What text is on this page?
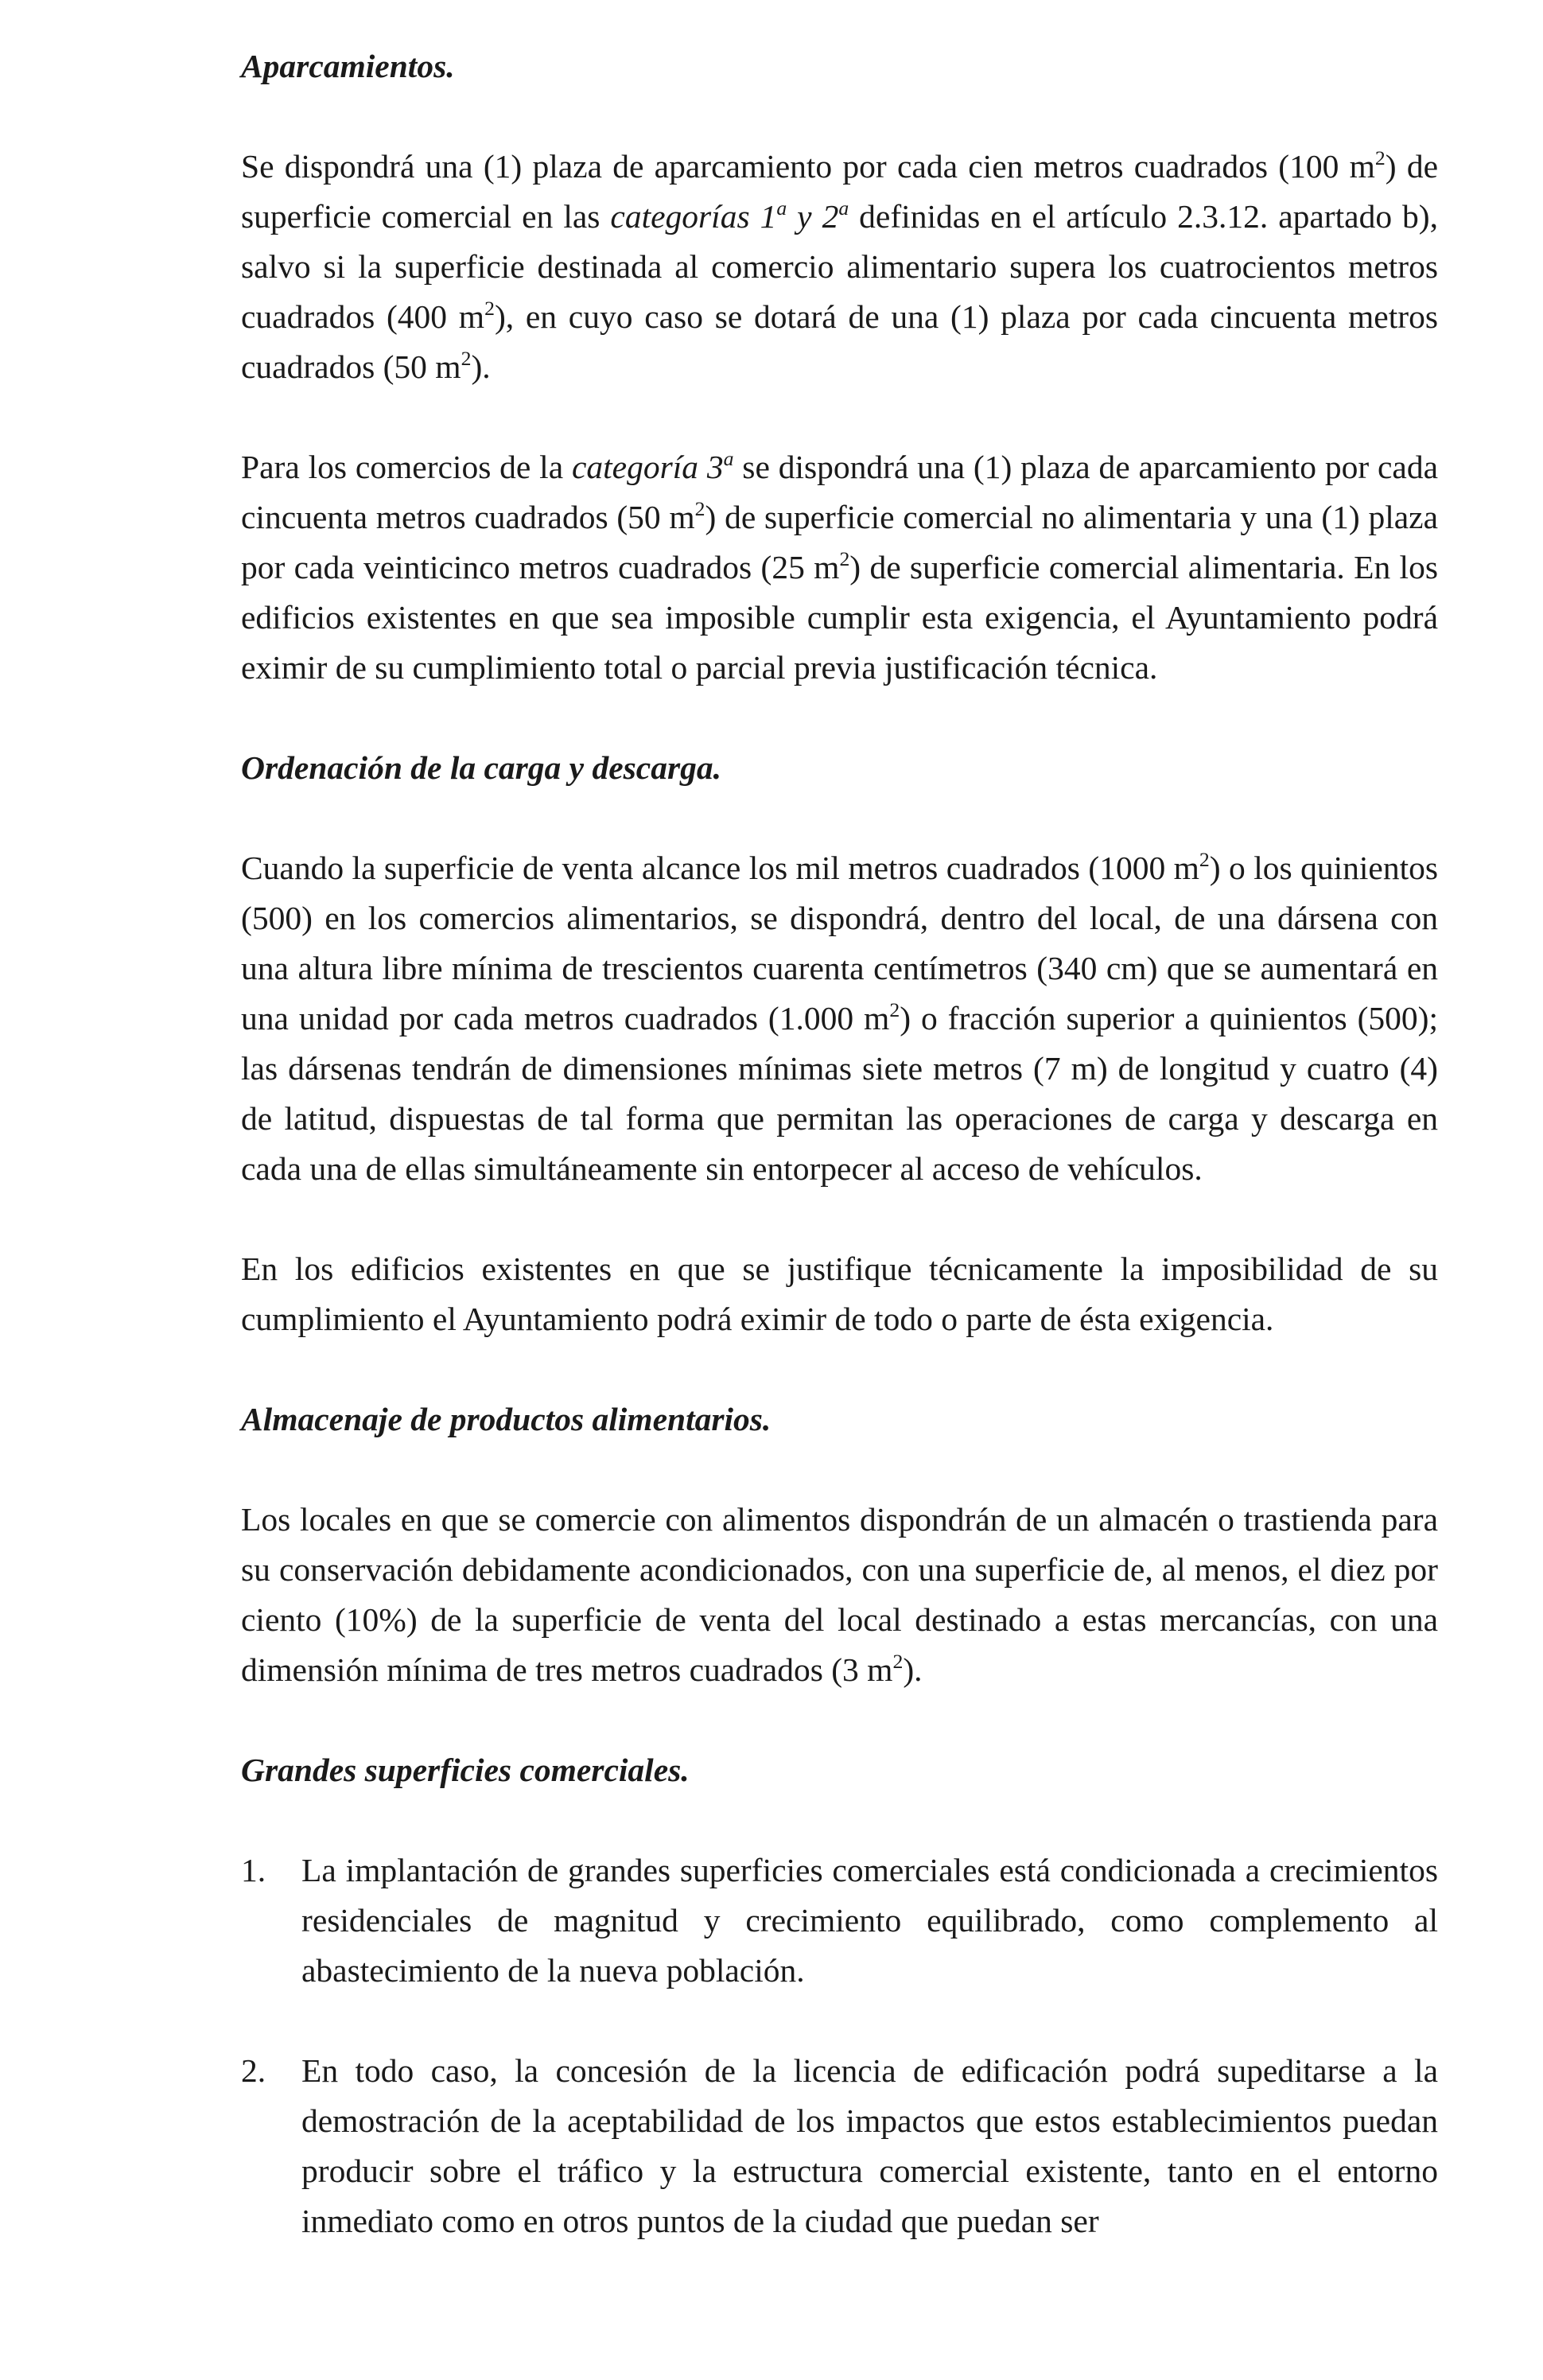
Aparcamientos.

Se dispondrá una (1) plaza de aparcamiento por cada cien metros cuadrados (100 $m^2$) de superficie comercial en las categorías 1$^a$ y 2$^a$ definidas en el artículo 2.3.12. apartado b), salvo si la superficie destinada al comercio alimentario supera los cuatrocientos metros cuadrados (400 $m^2$), en cuyo caso se dotará de una (1) plaza por cada cincuenta metros cuadrados (50 $m^2$).

Para los comercios de la categoría 3$^a$ se dispondrá una (1) plaza de aparcamiento por cada cincuenta metros cuadrados (50 $m^2$) de superficie comercial no alimentaria y una (1) plaza por cada veinticinco metros cuadrados (25 $m^2$) de superficie comercial alimentaria. En los edificios existentes en que sea imposible cumplir esta exigencia, el Ayuntamiento podrá eximir de su cumplimiento total o parcial previa justificación técnica.

Ordenación de la carga y descarga.

Cuando la superficie de venta alcance los mil metros cuadrados (1000 $m^2$) o los quinientos (500) en los comercios alimentarios, se dispondrá, dentro del local, de una dársena con una altura libre mínima de trescientos cuarenta centímetros (340 cm) que se aumentará en una unidad por cada metros cuadrados (1.000 $m^2$) o fracción superior a quinientos (500); las dársenas tendrán de dimensiones mínimas siete metros (7 m) de longitud y cuatro (4) de latitud, dispuestas de tal forma que permitan las operaciones de carga y descarga en cada una de ellas simultáneamente sin entorpecer al acceso de vehículos.

En los edificios existentes en que se justifique técnicamente la imposibilidad de su cumplimiento el Ayuntamiento podrá eximir de todo o parte de ésta exigencia.

Almacenaje de productos alimentarios.

Los locales en que se comercie con alimentos dispondrán de un almacén o trastienda para su conservación debidamente acondicionados, con una superficie de, al menos, el diez por ciento (10%) de la superficie de venta del local destinado a estas mercancías, con una dimensión mínima de tres metros cuadrados (3 $m^2$).

Grandes superficies comerciales.
1.	La implantación de grandes superficies comerciales está condicionada a crecimientos residenciales de magnitud y crecimiento equilibrado, como complemento al abastecimiento de la nueva población.
2.	En todo caso, la concesión de la licencia de edificación podrá supeditarse a la demostración de la aceptabilidad de los impactos que estos establecimientos puedan producir sobre el tráfico y la estructura comercial existente, tanto en el entorno inmediato como en otros puntos de la ciudad que puedan ser
